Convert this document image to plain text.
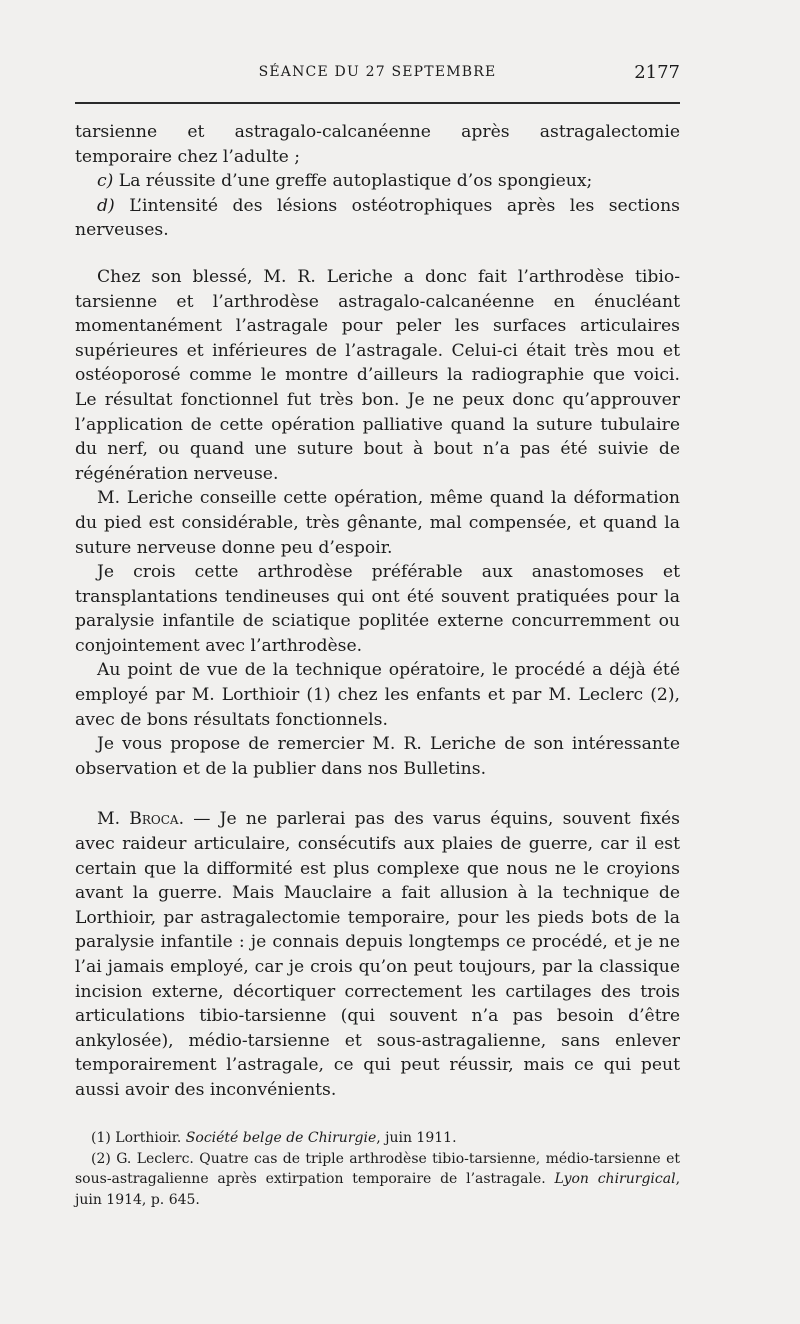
SÉANCE DU 27 SEPTEMBRE	2177

tarsienne et astragalo-calcanéenne après astragalectomie temporaire chez l’adulte ;

c) La réussite d’une greffe autoplastique d’os spongieux;

d) L’intensité des lésions ostéotrophiques après les sections nerveuses.

Chez son blessé, M. R. Leriche a donc fait l’arthrodèse tibio-tarsienne et l’arthrodèse astragalo-calcanéenne en énucléant momentanément l’astragale pour peler les surfaces articulaires supérieures et inférieures de l’astragale. Celui-ci était très mou et ostéoporosé comme le montre d’ailleurs la radiographie que voici. Le résultat fonctionnel fut très bon. Je ne peux donc qu’approuver l’application de cette opération palliative quand la suture tubulaire du nerf, ou quand une suture bout à bout n’a pas été suivie de régénération nerveuse.

M. Leriche conseille cette opération, même quand la déformation du pied est considérable, très gênante, mal compensée, et quand la suture nerveuse donne peu d’espoir.

Je crois cette arthrodèse préférable aux anastomoses et transplantations tendineuses qui ont été souvent pratiquées pour la paralysie infantile de sciatique poplitée externe concurremment ou conjointement avec l’arthrodèse.

Au point de vue de la technique opératoire, le procédé a déjà été employé par M. Lorthioir (1) chez les enfants et par M. Leclerc (2), avec de bons résultats fonctionnels.

Je vous propose de remercier M. R. Leriche de son intéressante observation et de la publier dans nos Bulletins.

M. Broca. — Je ne parlerai pas des varus équins, souvent fixés avec raideur articulaire, consécutifs aux plaies de guerre, car il est certain que la difformité est plus complexe que nous ne le croyions avant la guerre. Mais Mauclaire a fait allusion à la technique de Lorthioir, par astragalectomie temporaire, pour les pieds bots de la paralysie infantile : je connais depuis longtemps ce procédé, et je ne l’ai jamais employé, car je crois qu’on peut toujours, par la classique incision externe, décortiquer correctement les cartilages des trois articulations tibio-tarsienne (qui souvent n’a pas besoin d’être ankylosée), médio-tarsienne et sous-astragalienne, sans enlever temporairement l’astragale, ce qui peut réussir, mais ce qui peut aussi avoir des inconvénients.

(1) Lorthioir. Société belge de Chirurgie, juin 1911.

(2) G. Leclerc. Quatre cas de triple arthrodèse tibio-tarsienne, médio-tarsienne et sous-astragalienne après extirpation temporaire de l’astragale. Lyon chirurgical, juin 1914, p. 645.
